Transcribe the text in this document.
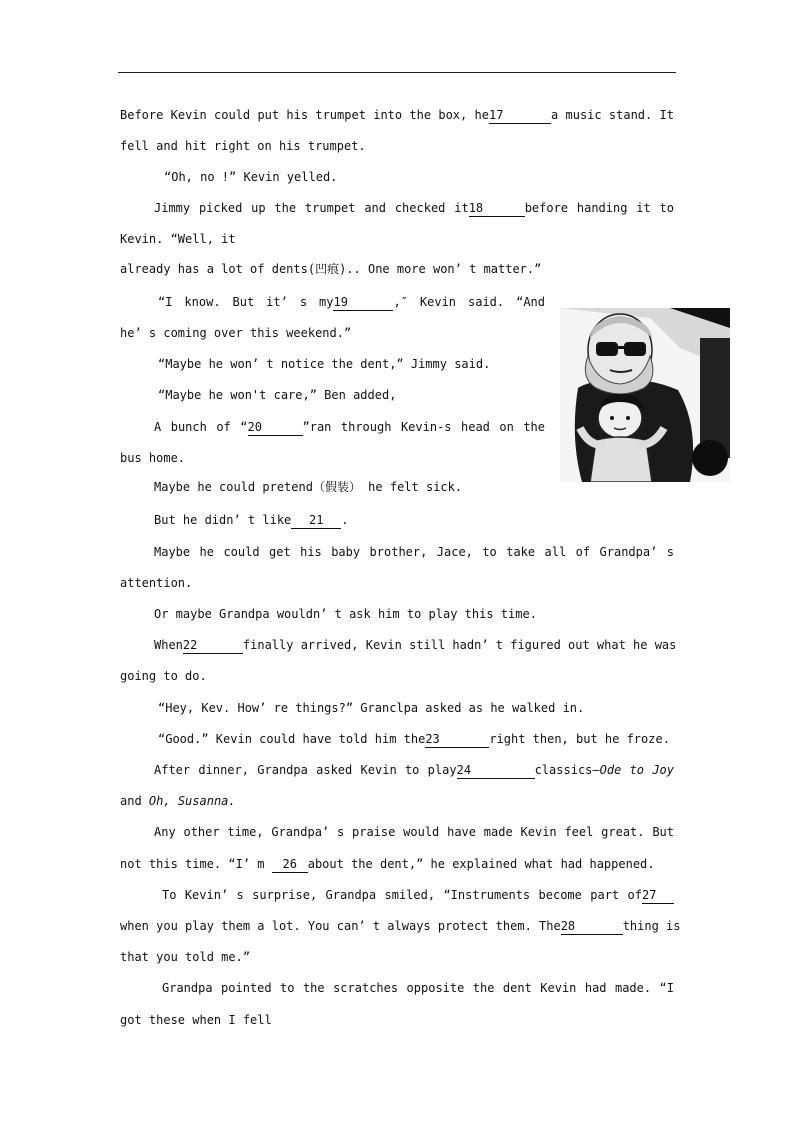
Before Kevin could put his trumpet into the box, he17	a music stand. It
fell and hit right on his trumpet.
“Oh, no !” Kevin yelled.
Jimmy picked up the trumpet and checked it18	before handing it to
Kevin. “Well, it
already has a lot of dents(凹痕).. One more won’ t matter.”
“I know. But it’ s my19	,″ Kevin said. “And
he’ s coming over this weekend.”
“Maybe he won’ t notice the dent,” Jimmy said.
“Maybe he won't care,” Ben added,
A bunch of “20	”ran through Kevin-s head on the
bus home.
Maybe he could pretend（假装） he felt sick.
But he didn’ t like 21 .
Maybe he could get his baby brother, Jace, to take all of Grandpa’ s
attention.
Or maybe Grandpa wouldn’ t ask him to play this time.
When22	finally arrived, Kevin still hadn’ t figured out what he was
going to do.
“Hey, Kev. How’ re things?” Granclpa asked as he walked in.
“Good.” Kevin could have told him the23	right then, but he froze.
After dinner, Grandpa asked Kevin to play24	classics—Ode to Joy
and Oh, Susanna.
Any other time, Grandpa’ s praise would have made Kevin feel great. But
not this time. “I’ m 26 about the dent,” he explained what had happened.
To Kevin’ s surprise, Grandpa smiled, “Instruments become part of27
when you play them a lot. You can’ t always protect them. The28	thing is
that you told me.”
Grandpa pointed to the scratches opposite the dent Kevin had made. “I
got these when I fell
